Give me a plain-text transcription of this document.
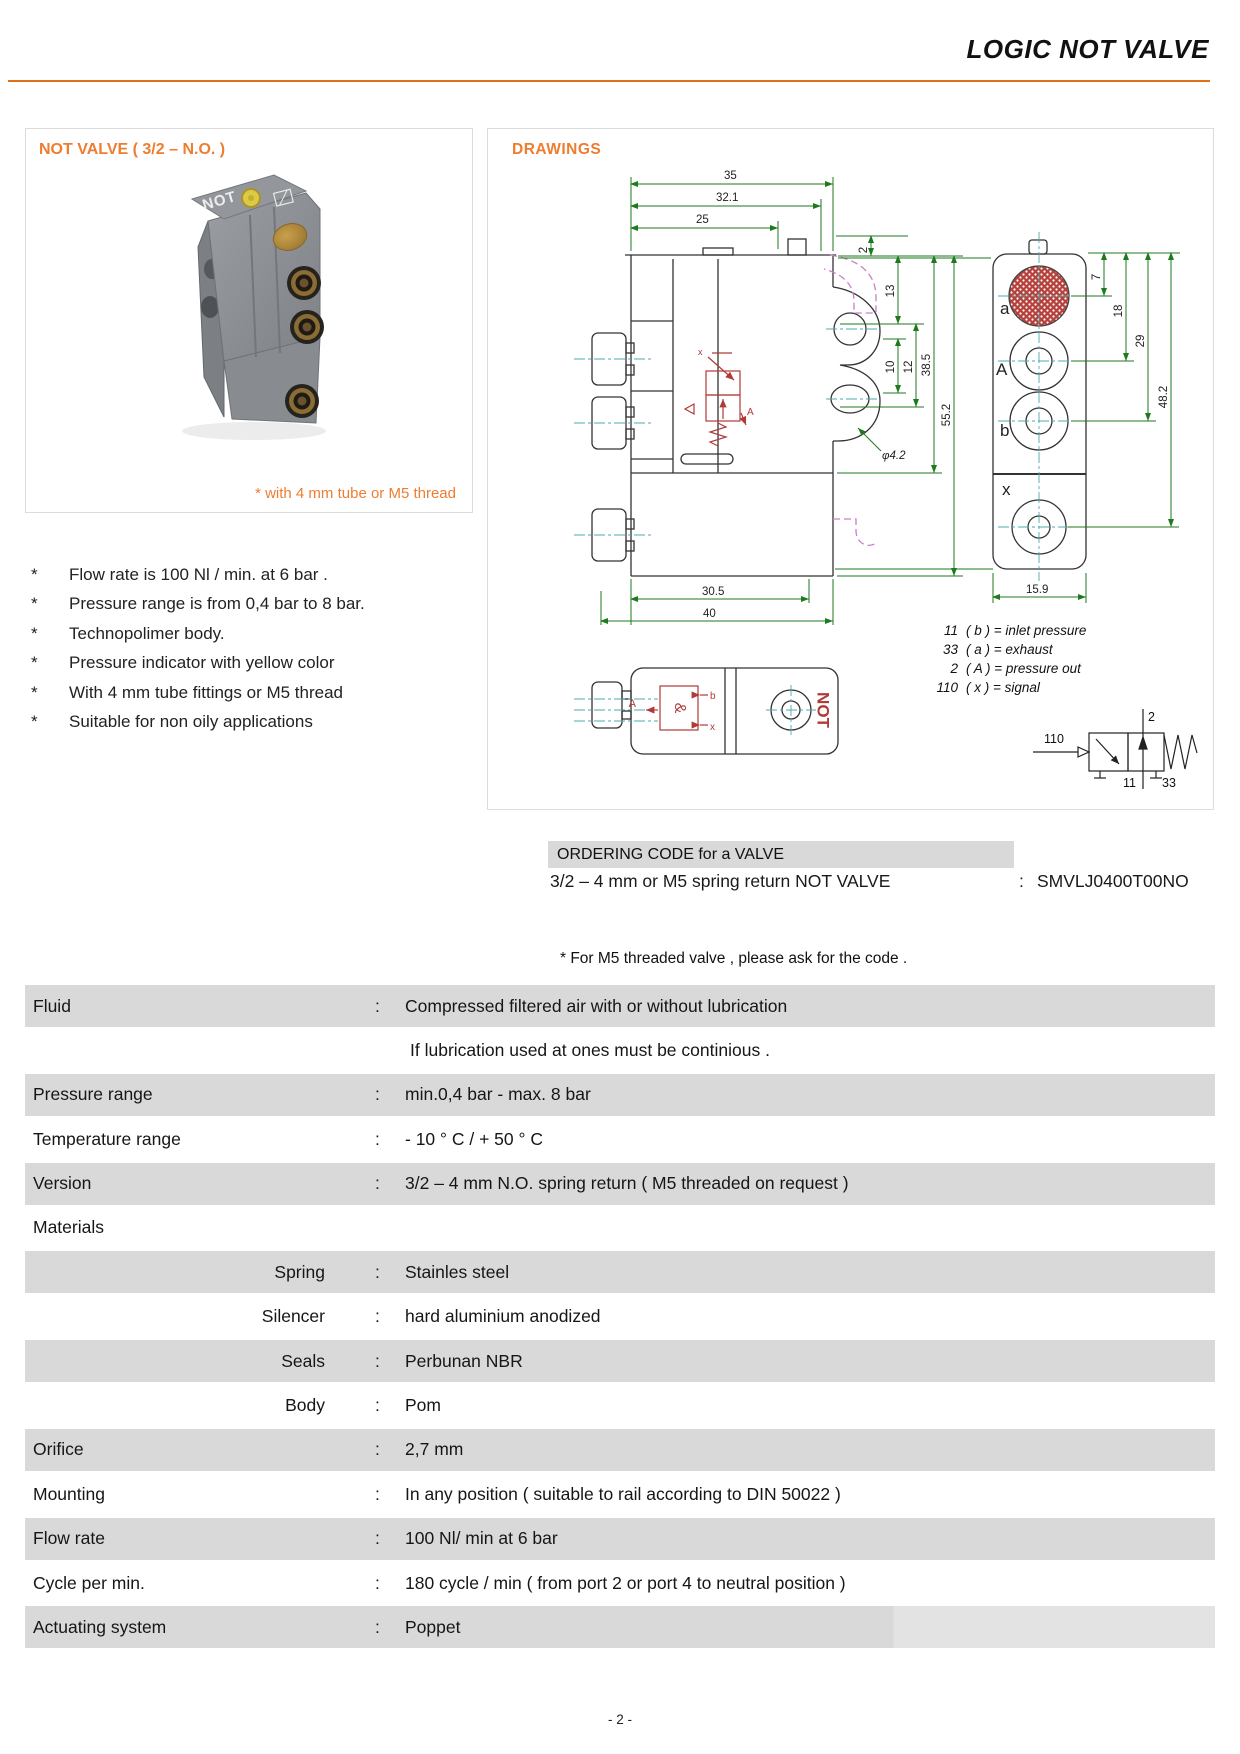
LOGIC NOT VALVE
NOT VALVE ( 3/2 – N.O. )
NOT
* with 4 mm tube or M5 thread
*	Flow rate is 100 Nl / min. at 6 bar .
*	Pressure range is from 0,4 bar to 8 bar.
*	Technopolimer body.
*	Pressure indicator with yellow color
*	With 4 mm tube fittings or M5 thread
*	Suitable for non oily applications
DRAWINGS
x
A
35
32.1
25
2
13
10 12 38.5
55.2
φ4.2
30.5
40
a
A
b
x
7
18
29
48.2
15.9
&
A
b
x	NOT
11 ( b ) = inlet pressure
33 ( a ) = exhaust
2 ( A ) = pressure out
110 ( x ) = signal
110
2
11 33
ORDERING CODE for a VALVE
3/2 – 4 mm or M5 spring return NOT VALVE	: SMVLJ0400T00NO
* For M5 threaded valve , please ask for the code .
Fluid	:	Compressed filtered air with or without lubrication
If lubrication used at ones must be continious .
Pressure range	:	min.0,4 bar - max. 8 bar
Temperature range	:	- 10 ° C / + 50 ° C
Version	:	3/2 – 4 mm N.O. spring return ( M5 threaded on request )
Materials
Spring	:	Stainles steel
Silencer	:	hard aluminium anodized
Seals	:	Perbunan NBR
Body	:	Pom
Orifice	:	2,7 mm
Mounting	:	In any position ( suitable to rail according to DIN 50022 )
Flow rate	:	100 Nl/ min at 6 bar
Cycle per min.	:	180 cycle / min ( from port 2 or port 4 to neutral position )
Actuating system	:	Poppet
- 2 -
